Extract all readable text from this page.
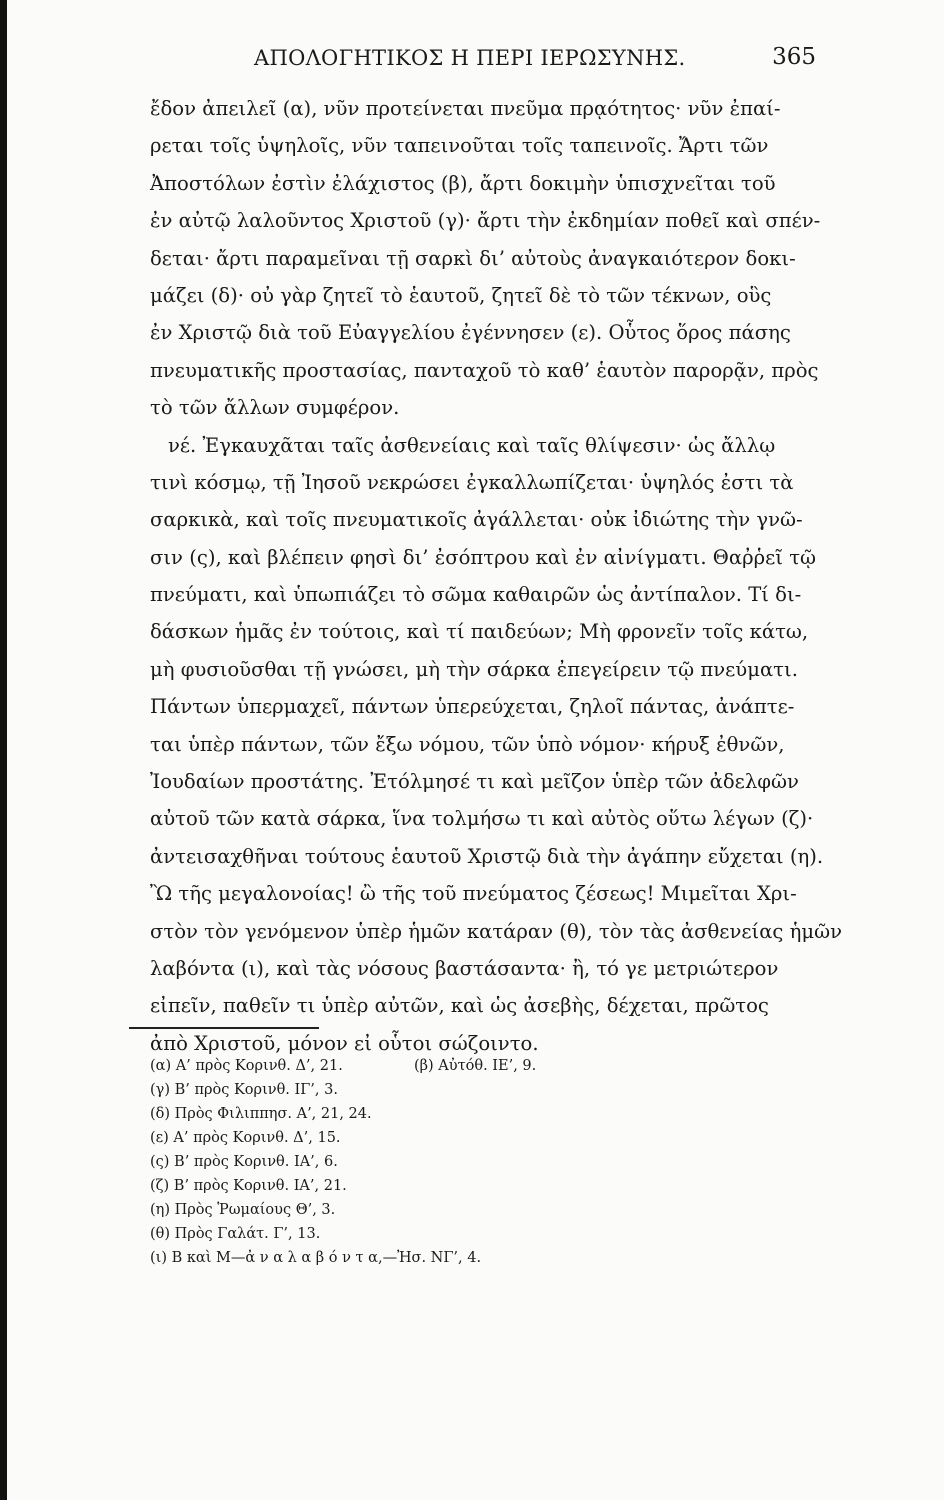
ΑΠΟΛΟΓΗΤΙΚΟΣ Η ΠΕΡΙ ΙΕΡΩΣΥΝΗΣ.	365
ἔδον ἀπειλεῖ (α), νῦν προτείνεται πνεῦμα πρᾳότητος· νῦν ἐπαί-
ρεται τοῖς ὑψηλοῖς, νῦν ταπεινοῦται τοῖς ταπεινοῖς. Ἄρτι τῶν
Ἀποστόλων ἐστὶν ἐλάχιστος (β), ἄρτι δοκιμὴν ὑπισχνεῖται τοῦ
ἐν αὐτῷ λαλοῦντος Χριστοῦ (γ)· ἄρτι τὴν ἐκδημίαν ποθεῖ καὶ σπέν-
δεται· ἄρτι παραμεῖναι τῇ σαρκὶ δι’ αὐτοὺς ἀναγκαιότερον δοκι-
μάζει (δ)· οὐ γὰρ ζητεῖ τὸ ἑαυτοῦ, ζητεῖ δὲ τὸ τῶν τέκνων, οὓς
ἐν Χριστῷ διὰ τοῦ Εὐαγγελίου ἐγέννησεν (ε). Οὗτος ὅρος πάσης
πνευματικῆς προστασίας, πανταχοῦ τὸ καθ’ ἑαυτὸν παρορᾷν, πρὸς
τὸ τῶν ἄλλων συμφέρον.
νέ. Ἐγκαυχᾶται ταῖς ἀσθενείαις καὶ ταῖς θλίψεσιν· ὡς ἄλλῳ
τινὶ κόσμῳ, τῇ Ἰησοῦ νεκρώσει ἐγκαλλωπίζεται· ὑψηλός ἐστι τὰ
σαρκικὰ, καὶ τοῖς πνευματικοῖς ἀγάλλεται· οὐκ ἰδιώτης τὴν γνῶ-
σιν (ς), καὶ βλέπειν φησὶ δι’ ἐσόπτρου καὶ ἐν αἰνίγματι. Θαῤῥεῖ τῷ
πνεύματι, καὶ ὑπωπιάζει τὸ σῶμα καθαιρῶν ὡς ἀντίπαλον. Τί δι-
δάσκων ἡμᾶς ἐν τούτοις, καὶ τί παιδεύων; Μὴ φρονεῖν τοῖς κάτω,
μὴ φυσιοῦσθαι τῇ γνώσει, μὴ τὴν σάρκα ἐπεγείρειν τῷ πνεύματι.
Πάντων ὑπερμαχεῖ, πάντων ὑπερεύχεται, ζηλοῖ πάντας, ἀνάπτε-
ται ὑπὲρ πάντων, τῶν ἔξω νόμου, τῶν ὑπὸ νόμον· κήρυξ ἐθνῶν,
Ἰουδαίων προστάτης. Ἐτόλμησέ τι καὶ μεῖζον ὑπὲρ τῶν ἀδελφῶν
αὐτοῦ τῶν κατὰ σάρκα, ἵνα τολμήσω τι καὶ αὐτὸς οὕτω λέγων (ζ)·
ἀντεισαχθῆναι τούτους ἑαυτοῦ Χριστῷ διὰ τὴν ἀγάπην εὔχεται (η).
Ὢ τῆς μεγαλονοίας! ὢ τῆς τοῦ πνεύματος ζέσεως! Μιμεῖται Χρι-
στὸν τὸν γενόμενον ὑπὲρ ἡμῶν κατάραν (θ), τὸν τὰς ἀσθενείας ἡμῶν
λαβόντα (ι), καὶ τὰς νόσους βαστάσαντα· ἢ, τό γε μετριώτερον
εἰπεῖν, παθεῖν τι ὑπὲρ αὐτῶν, καὶ ὡς ἀσεβὴς, δέχεται, πρῶτος
ἀπὸ Χριστοῦ, μόνον εἰ οὗτοι σώζοιντο.
(α) Α’ πρὸς Κορινθ. Δ’, 21.	(β) Αὐτόθ. ΙΕ’, 9.
(γ) Β’ πρὸς Κορινθ. ΙΓ’, 3.
(δ) Πρὸς Φιλιππησ. Α’, 21, 24.
(ε) Α’ πρὸς Κορινθ. Δ’, 15.
(ς) Β’ πρὸς Κορινθ. ΙΑ’, 6.
(ζ) Β’ πρὸς Κορινθ. ΙΑ’, 21.
(η) Πρὸς Ῥωμαίους Θ’, 3.
(θ) Πρὸς Γαλάτ. Γ’, 13.
(ι) Β καὶ Μ—ἀ ν α λ α β ό ν τ α,—Ἠσ. ΝΓ’, 4.
